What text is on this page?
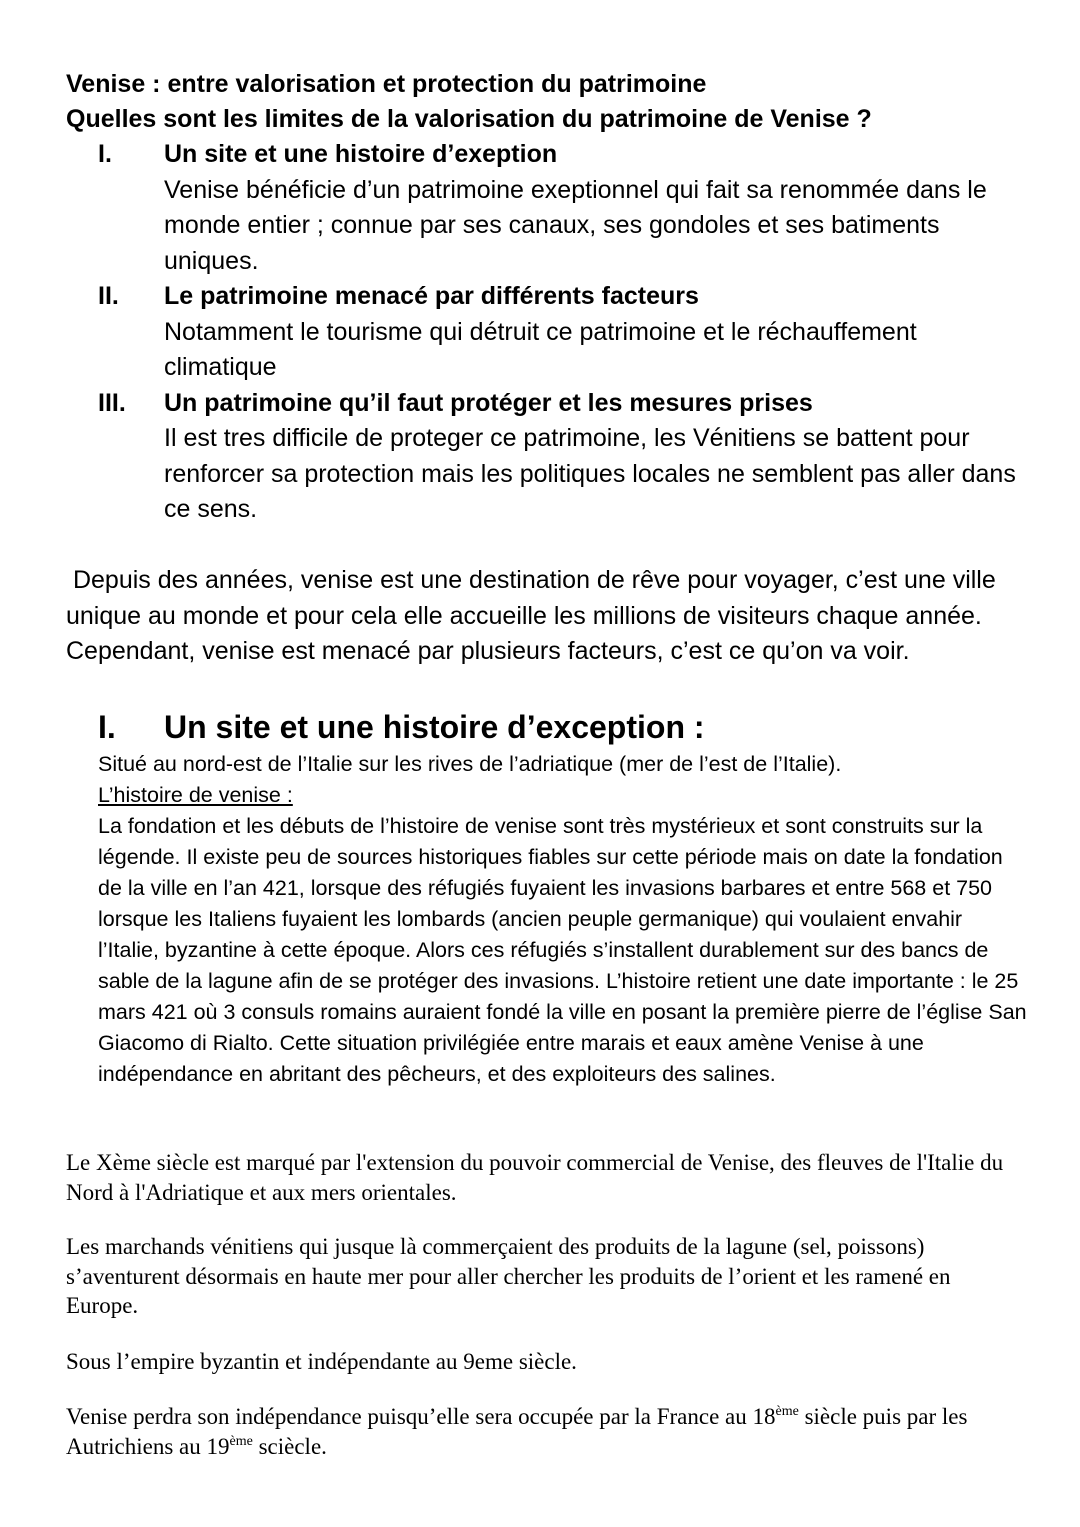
Venise : entre valorisation et protection du patrimoine
Quelles sont les limites de la valorisation du patrimoine de Venise ?
I. Un site et une histoire d’exeption
Venise bénéficie d’un patrimoine exeptionnel qui fait sa renommée dans le monde entier ; connue par ses canaux, ses gondoles et ses batiments uniques.
II. Le patrimoine menacé par différents facteurs
Notamment le tourisme qui détruit ce patrimoine et le réchauffement climatique
III. Un patrimoine qu’il faut protéger et les mesures prises
Il est tres difficile de proteger ce patrimoine, les Vénitiens se battent pour renforcer sa protection mais les politiques locales ne semblent pas aller dans ce sens.

Depuis des années, venise est une destination de rêve pour voyager, c’est une ville unique au monde et pour cela elle accueille les millions de visiteurs chaque année. Cependant, venise est menacé par plusieurs facteurs, c’est ce qu’on va voir.

I. Un site et une histoire d’exception :
Situé au nord-est de l’Italie sur les rives de l’adriatique (mer de l’est de l’Italie).
L’histoire de venise :
La fondation et les débuts de l’histoire de venise sont très mystérieux et sont construits sur la légende. Il existe peu de sources historiques fiables sur cette période mais on date la fondation de la ville en l’an 421, lorsque des réfugiés fuyaient les invasions barbares et entre 568 et 750 lorsque les Italiens fuyaient les lombards (ancien peuple germanique) qui voulaient envahir l’Italie, byzantine à cette époque. Alors ces réfugiés s’installent durablement sur des bancs de sable de la lagune afin de se protéger des invasions. L’histoire retient une date importante : le 25 mars 421 où 3 consuls romains auraient fondé la ville en posant la première pierre de l’église San Giacomo di Rialto. Cette situation privilégiée entre marais et eaux amène Venise à une indépendance en abritant des pêcheurs, et des exploiteurs des salines.

Le Xème siècle est marqué par l'extension du pouvoir commercial de Venise, des fleuves de l'Italie du Nord à l'Adriatique et aux mers orientales.

Les marchands vénitiens qui jusque là commerçaient des produits de la lagune (sel, poissons) s’aventurent désormais en haute mer pour aller chercher les produits de l’orient et les ramené en Europe.

Sous l’empire byzantin et indépendante au 9eme siècle.

Venise perdra son indépendance puisqu’elle sera occupée par la France au 18ème siècle puis par les Autrichiens au 19ème sciècle.
